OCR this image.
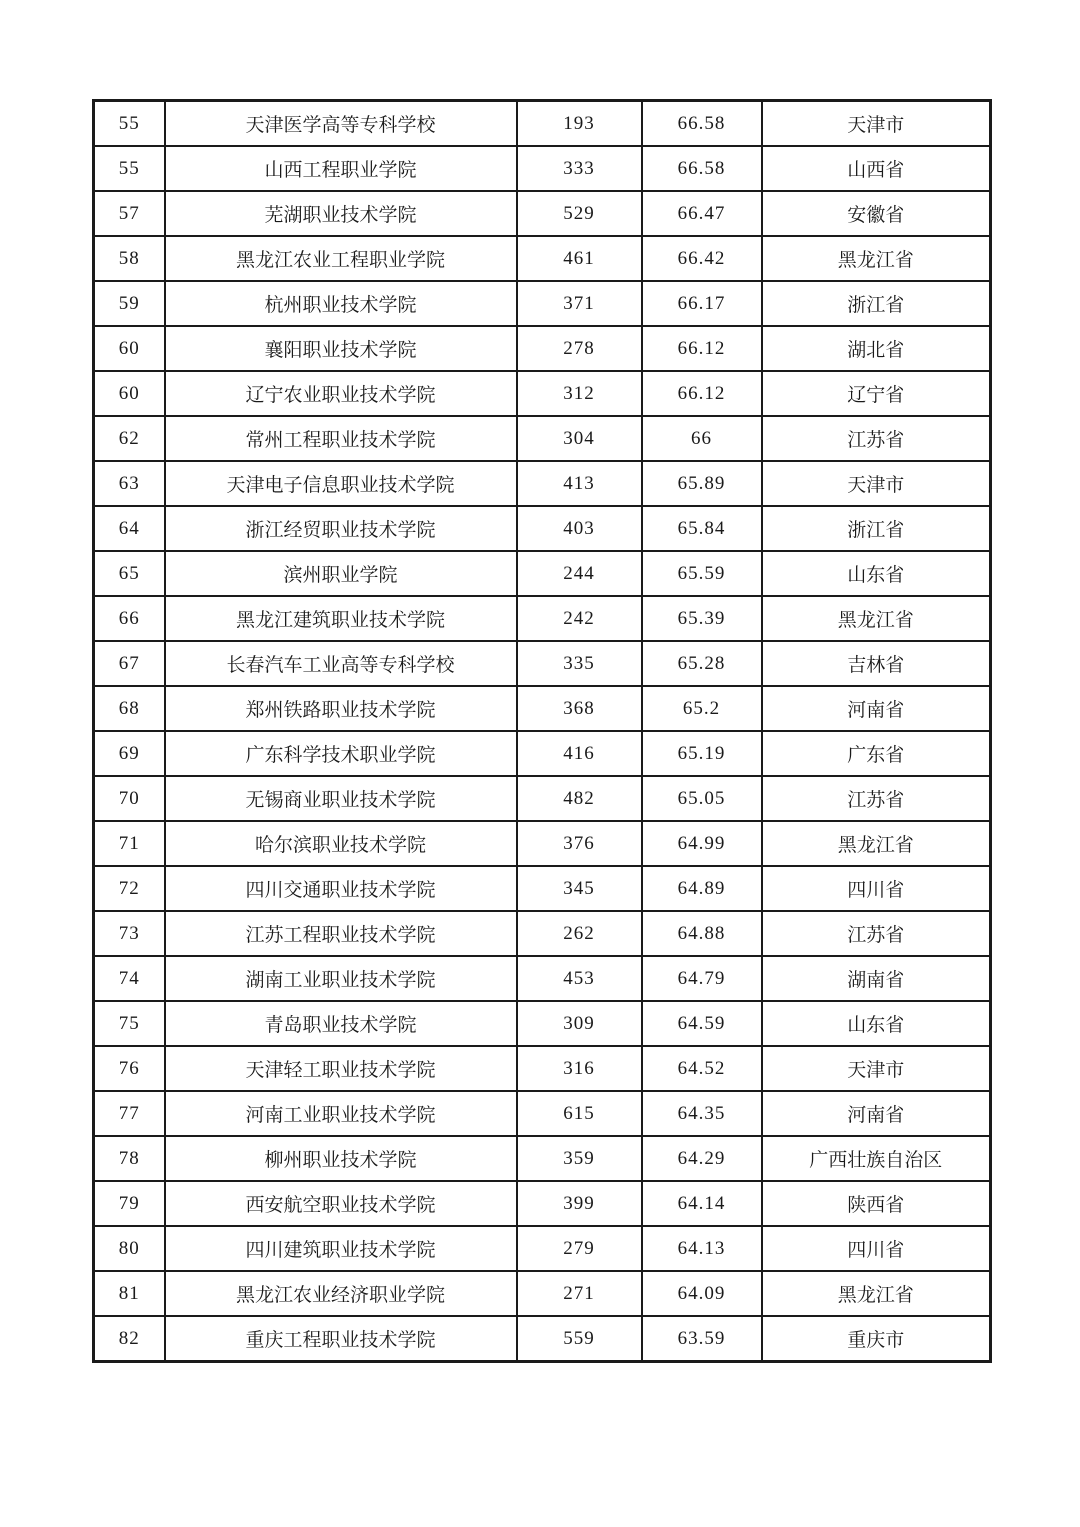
55	天津医学高等专科学校	193	66.58	天津市
55	山西工程职业学院	333	66.58	山西省
57	芜湖职业技术学院	529	66.47	安徽省
58	黑龙江农业工程职业学院	461	66.42	黑龙江省
59	杭州职业技术学院	371	66.17	浙江省
60	襄阳职业技术学院	278	66.12	湖北省
60	辽宁农业职业技术学院	312	66.12	辽宁省
62	常州工程职业技术学院	304	66	江苏省
63	天津电子信息职业技术学院	413	65.89	天津市
64	浙江经贸职业技术学院	403	65.84	浙江省
65	滨州职业学院	244	65.59	山东省
66	黑龙江建筑职业技术学院	242	65.39	黑龙江省
67	长春汽车工业高等专科学校	335	65.28	吉林省
68	郑州铁路职业技术学院	368	65.2	河南省
69	广东科学技术职业学院	416	65.19	广东省
70	无锡商业职业技术学院	482	65.05	江苏省
71	哈尔滨职业技术学院	376	64.99	黑龙江省
72	四川交通职业技术学院	345	64.89	四川省
73	江苏工程职业技术学院	262	64.88	江苏省
74	湖南工业职业技术学院	453	64.79	湖南省
75	青岛职业技术学院	309	64.59	山东省
76	天津轻工职业技术学院	316	64.52	天津市
77	河南工业职业技术学院	615	64.35	河南省
78	柳州职业技术学院	359	64.29	广西壮族自治区
79	西安航空职业技术学院	399	64.14	陕西省
80	四川建筑职业技术学院	279	64.13	四川省
81	黑龙江农业经济职业学院	271	64.09	黑龙江省
82	重庆工程职业技术学院	559	63.59	重庆市
